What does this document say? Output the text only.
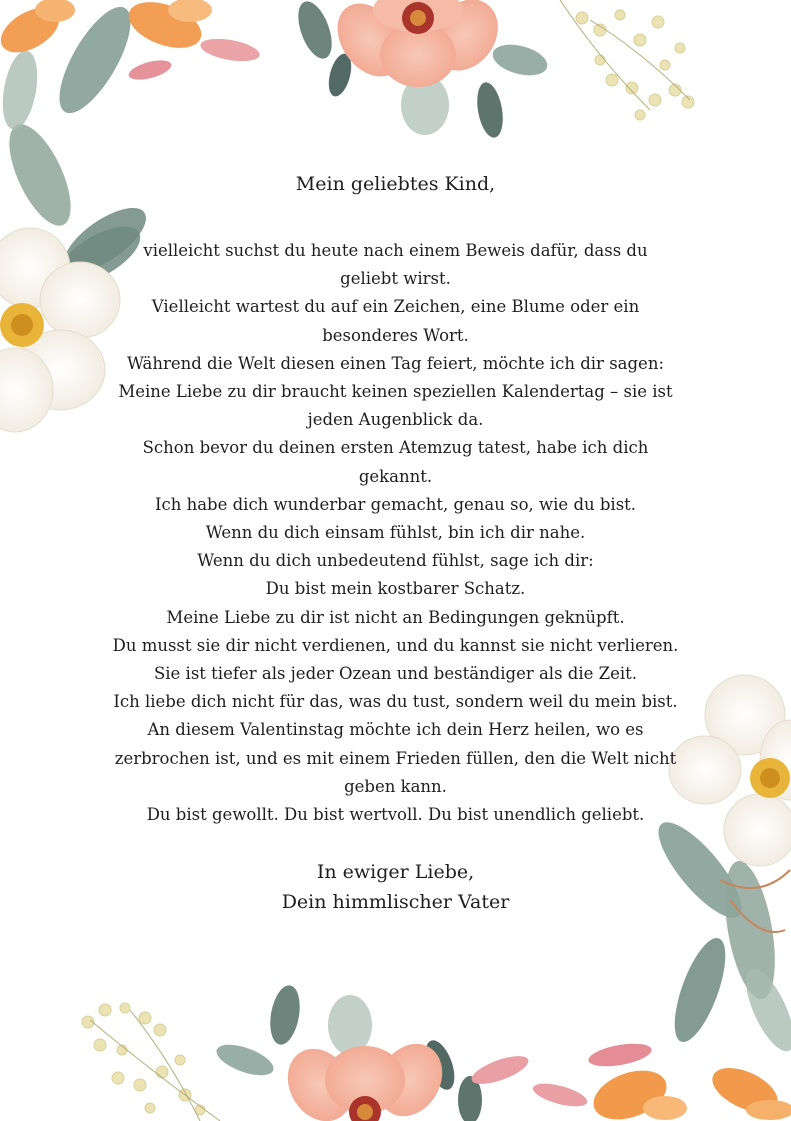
Mein geliebtes Kind,
vielleicht suchst du heute nach einem Beweis dafür, dass du
geliebt wirst.
Vielleicht wartest du auf ein Zeichen, eine Blume oder ein
besonderes Wort.
Während die Welt diesen einen Tag feiert, möchte ich dir sagen:
Meine Liebe zu dir braucht keinen speziellen Kalendertag – sie ist
jeden Augenblick da.
Schon bevor du deinen ersten Atemzug tatest, habe ich dich
gekannt.
Ich habe dich wunderbar gemacht, genau so, wie du bist.
Wenn du dich einsam fühlst, bin ich dir nahe.
Wenn du dich unbedeutend fühlst, sage ich dir:
Du bist mein kostbarer Schatz.
Meine Liebe zu dir ist nicht an Bedingungen geknüpft.
Du musst sie dir nicht verdienen, und du kannst sie nicht verlieren.
Sie ist tiefer als jeder Ozean und beständiger als die Zeit.
Ich liebe dich nicht für das, was du tust, sondern weil du mein bist.
An diesem Valentinstag möchte ich dein Herz heilen, wo es
zerbrochen ist, und es mit einem Frieden füllen, den die Welt nicht
geben kann.
Du bist gewollt. Du bist wertvoll. Du bist unendlich geliebt.
In ewiger Liebe,
Dein himmlischer Vater
